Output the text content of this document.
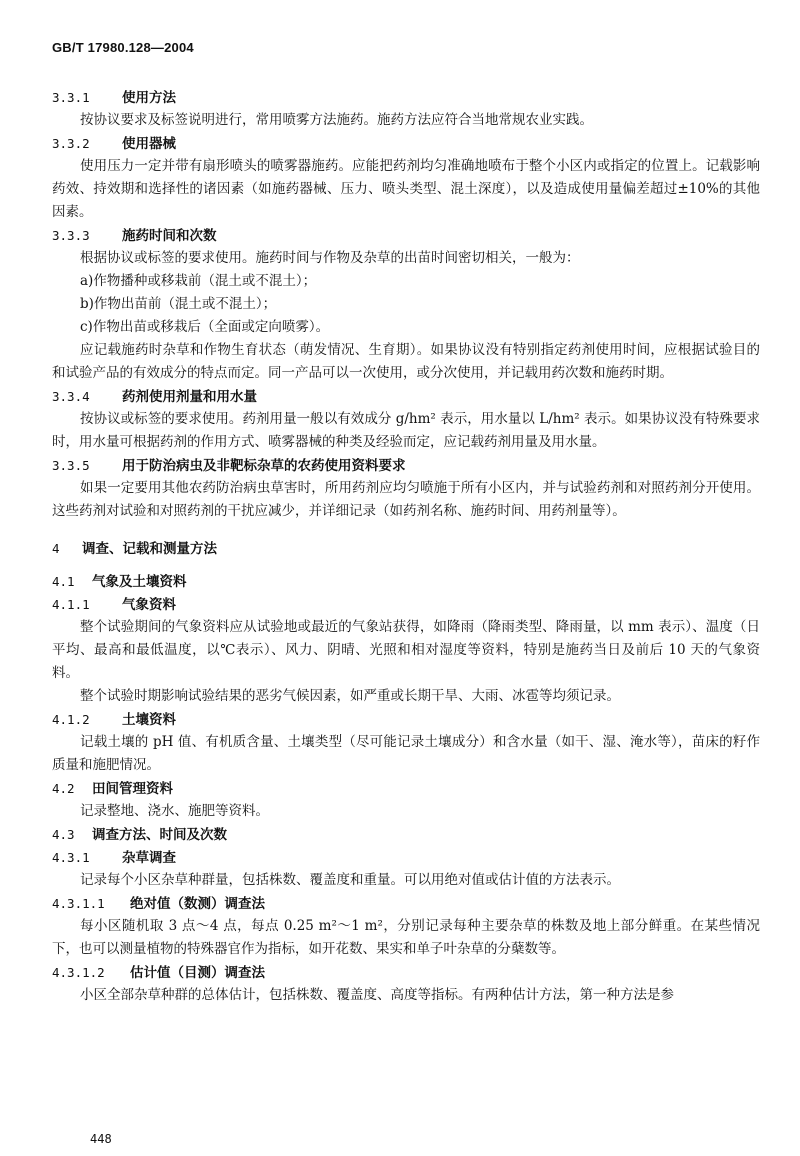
GB/T 17980.128—2004
3.3.1 使用方法

按协议要求及标签说明进行，常用喷雾方法施药。施药方法应符合当地常规农业实践。

3.3.2 使用器械

使用压力一定并带有扇形喷头的喷雾器施药。应能把药剂均匀准确地喷布于整个小区内或指定的位置上。记载影响药效、持效期和选择性的诸因素（如施药器械、压力、喷头类型、混土深度），以及造成使用量偏差超过±10%的其他因素。

3.3.3 施药时间和次数

根据协议或标签的要求使用。施药时间与作物及杂草的出苗时间密切相关，一般为：

a)作物播种或移栽前（混土或不混土）；

b)作物出苗前（混土或不混土）；

c)作物出苗或移栽后（全面或定向喷雾）。

应记载施药时杂草和作物生育状态（萌发情况、生育期）。如果协议没有特别指定药剂使用时间，应根据试验目的和试验产品的有效成分的特点而定。同一产品可以一次使用，或分次使用，并记载用药次数和施药时期。

3.3.4 药剂使用剂量和用水量

按协议或标签的要求使用。药剂用量一般以有效成分 g/hm² 表示，用水量以 L/hm² 表示。如果协议没有特殊要求时，用水量可根据药剂的作用方式、喷雾器械的种类及经验而定，应记载药剂用量及用水量。

3.3.5 用于防治病虫及非靶标杂草的农药使用资料要求

如果一定要用其他农药防治病虫草害时，所用药剂应均匀喷施于所有小区内，并与试验药剂和对照药剂分开使用。这些药剂对试验和对照药剂的干扰应减少，并详细记录（如药剂名称、施药时间、用药剂量等）。

4 调查、记载和测量方法
4.1 气象及土壤资料
4.1.1 气象资料

整个试验期间的气象资料应从试验地或最近的气象站获得，如降雨（降雨类型、降雨量，以 mm 表示）、温度（日平均、最高和最低温度，以℃表示）、风力、阴晴、光照和相对湿度等资料，特别是施药当日及前后 10 天的气象资料。

整个试验时期影响试验结果的恶劣气候因素，如严重或长期干旱、大雨、冰雹等均须记录。

4.1.2 土壤资料

记载土壤的 pH 值、有机质含量、土壤类型（尽可能记录土壤成分）和含水量（如干、湿、淹水等），苗床的籽作质量和施肥情况。

4.2 田间管理资料

记录整地、浇水、施肥等资料。

4.3 调查方法、时间及次数
4.3.1 杂草调查

记录每个小区杂草种群量，包括株数、覆盖度和重量。可以用绝对值或估计值的方法表示。

4.3.1.1 绝对值（数测）调查法

每小区随机取 3 点～4 点，每点 0.25 m²～1 m²，分别记录每种主要杂草的株数及地上部分鲜重。在某些情况下，也可以测量植物的特殊器官作为指标，如开花数、果实和单子叶杂草的分蘖数等。

4.3.1.2 估计值（目测）调查法

小区全部杂草种群的总体估计，包括株数、覆盖度、高度等指标。有两种估计方法，第一种方法是参

448
